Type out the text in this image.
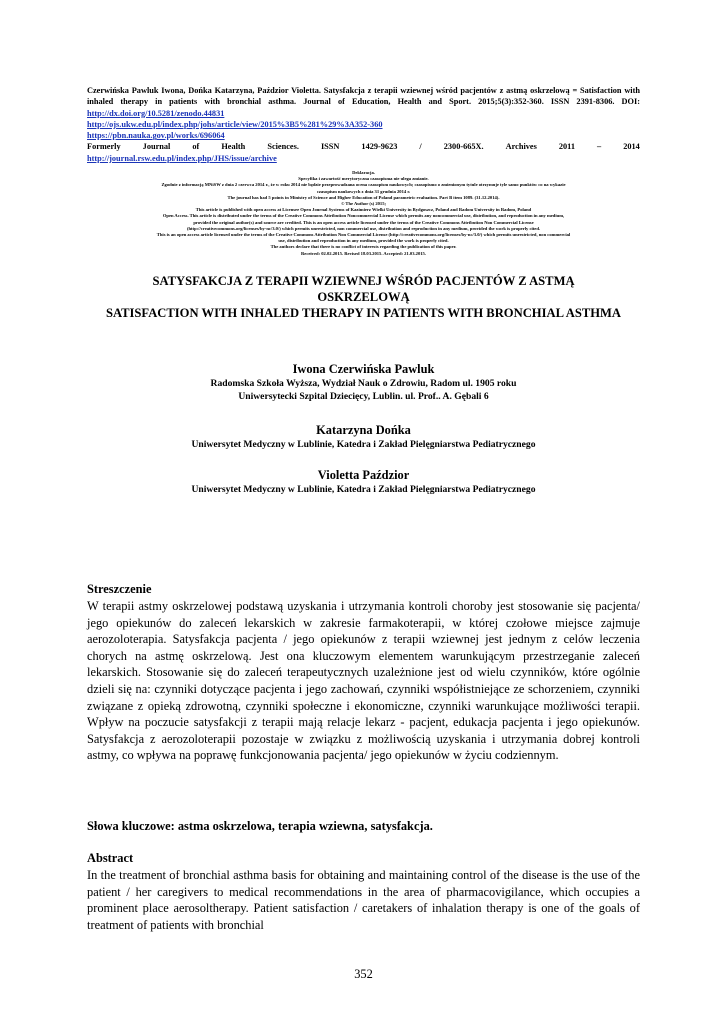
Czerwińska Pawluk Iwona, Dońka Katarzyna, Paździor Violetta. Satysfakcja z terapii wziewnej wśród pacjentów z astmą oskrzelową = Satisfaction with inhaled therapy in patients with bronchial asthma. Journal of Education, Health and Sport. 2015;5(3):352-360. ISSN 2391-8306. DOI: http://dx.doi.org/10.5281/zenodo.44831
http://ojs.ukw.edu.pl/index.php/johs/article/view/2015%3B5%281%29%3A352-360
https://pbn.nauka.gov.pl/works/696064

Formerly	Journal	of	Health	Sciences.	ISSN	1429-9623	/	2300-665X.	Archives	2011	–	2014
http://journal.rsw.edu.pl/index.php/JHS/issue/archive
Deklaracja.
Specyfika i zawartość merytoryczna czasopisma nie ulega zmianie.
Zgodnie z informacją MNiSW z dnia 2 czerwca 2014 r., że w roku 2014 nie będzie przeprowadzana ocena czasopism naukowych; czasopismo o zmienionym tytule otrzymuje tyle samo punktów co na wykazie
czasopism naukowych z dnia 31 grudnia 2014 r.
The journal has had 5 points in Ministry of Science and Higher Education of Poland parametric evaluation. Part B item 1089. (31.12.2014).
© The Author (s) 2015;
This article is published with open access at Licensee Open Journal Systems of Kazimierz Wielki University in Bydgoszcz, Poland and Radom University in Radom, Poland
Open Access. This article is distributed under the terms of the Creative Commons Attribution Noncommercial License which permits any noncommercial use, distribution, and reproduction in any medium,
provided the original author(s) and source are credited. This is an open access article licensed under the terms of the Creative Commons Attribution Non Commercial License
(http://creativecommons.org/licenses/by-nc/3.0/) which permits unrestricted, non commercial use, distribution and reproduction in any medium, provided the work is properly cited.
This is an open access article licensed under the terms of the Creative Commons Attribution Non Commercial License (http://creativecommons.org/licenses/by-nc/3.0/) which permits unrestricted, non commercial
use, distribution and reproduction in any medium, provided the work is properly cited.
The authors declare that there is no conflict of interests regarding the publication of this paper.
Received: 02.02.2015. Revised 18.03.2015. Accepted: 21.03.2015.
SATYSFAKCJA Z TERAPII WZIEWNEJ WŚRÓD PACJENTÓW Z ASTMĄ OSKRZELOWĄ
SATISFACTION WITH INHALED THERAPY IN PATIENTS WITH BRONCHIAL ASTHMA
Iwona Czerwińska Pawluk
Radomska Szkoła Wyższa, Wydział Nauk o Zdrowiu, Radom ul. 1905 roku
Uniwersytecki Szpital Dziecięcy, Lublin. ul. Prof.. A. Gębali 6
Katarzyna Dońka
Uniwersytet Medyczny w Lublinie, Katedra i Zakład Pielęgniarstwa Pediatrycznego
Violetta Paździor
Uniwersytet Medyczny w Lublinie, Katedra i Zakład Pielęgniarstwa Pediatrycznego
Streszczenie
W terapii astmy oskrzelowej podstawą uzyskania i utrzymania kontroli choroby jest stosowanie się pacjenta/ jego opiekunów do zaleceń lekarskich w zakresie farmakoterapii, w której czołowe miejsce zajmuje aerozoloterapia. Satysfakcja pacjenta / jego opiekunów z terapii wziewnej jest jednym z celów leczenia chorych na astmę oskrzelową. Jest ona kluczowym elementem warunkującym przestrzeganie zaleceń lekarskich. Stosowanie się do zaleceń terapeutycznych uzależnione jest od wielu czynników, które ogólnie dzieli się na: czynniki dotyczące pacjenta i jego zachowań, czynniki współistniejące ze schorzeniem, czynniki związane z opieką zdrowotną, czynniki społeczne i ekonomiczne, czynniki warunkujące możliwości terapii. Wpływ na poczucie satysfakcji z terapii mają relacje lekarz - pacjent, edukacja pacjenta i jego opiekunów. Satysfakcja z aerozoloterapii pozostaje w związku z możliwością uzyskania i utrzymania dobrej kontroli astmy, co wpływa na poprawę funkcjonowania pacjenta/ jego opiekunów w życiu codziennym.
Słowa kluczowe: astma oskrzelowa, terapia wziewna, satysfakcja.
Abstract
In the treatment of bronchial asthma basis for obtaining and maintaining control of the disease is the use of the patient / her caregivers to medical recommendations in the area of pharmacovigilance, which occupies a prominent place aerosoltherapy. Patient satisfaction / caretakers of inhalation therapy is one of the goals of treatment of patients with bronchial
352
